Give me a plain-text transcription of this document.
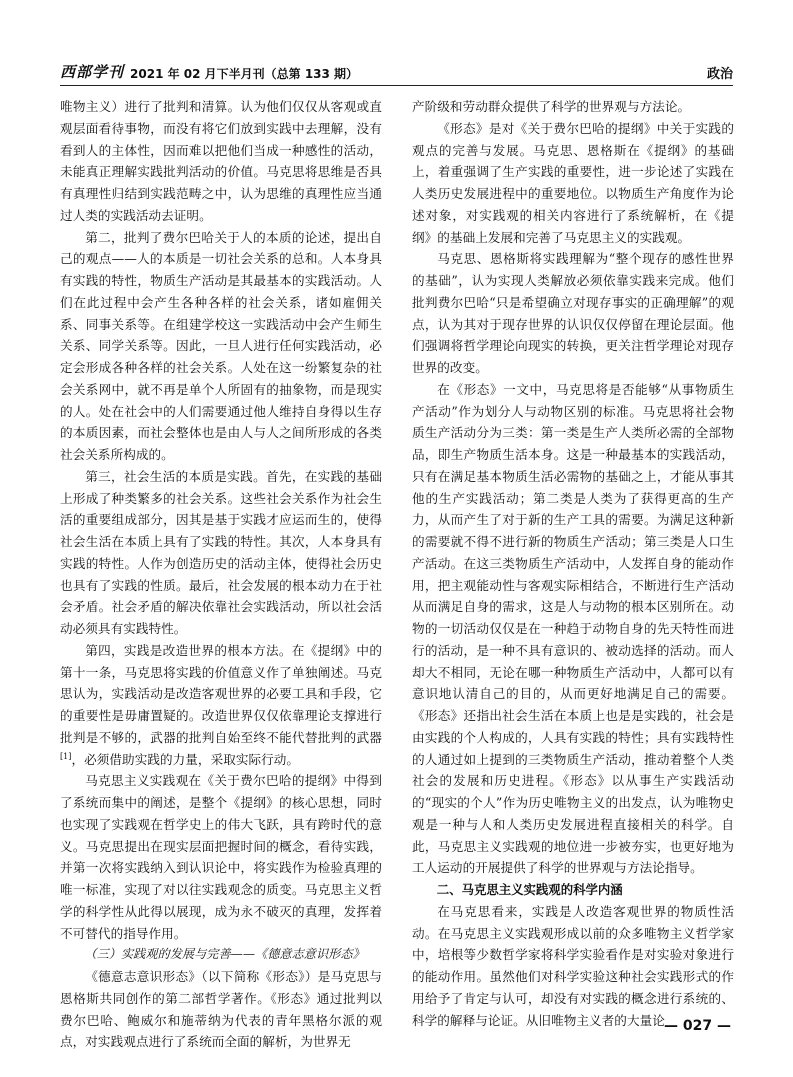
西部学刊 2021 年 02 月下半月刊（总第 133 期）	政治

唯物主义）进行了批判和清算。认为他们仅仅从客观或直观层面看待事物，而没有将它们放到实践中去理解，没有看到人的主体性，因而难以把他们当成一种感性的活动，未能真正理解实践批判活动的价值。马克思将思维是否具有真理性归结到实践范畴之中，认为思维的真理性应当通过人类的实践活动去证明。

第二，批判了费尔巴哈关于人的本质的论述，提出自己的观点——人的本质是一切社会关系的总和。人本身具有实践的特性，物质生产活动是其最基本的实践活动。人们在此过程中会产生各种各样的社会关系，诸如雇佣关系、同事关系等。在组建学校这一实践活动中会产生师生关系、同学关系等。因此，一旦人进行任何实践活动，必定会形成各种各样的社会关系。人处在这一纷繁复杂的社会关系网中，就不再是单个人所固有的抽象物，而是现实的人。处在社会中的人们需要通过他人维持自身得以生存的本质因素，而社会整体也是由人与人之间所形成的各类社会关系所构成的。

第三，社会生活的本质是实践。首先，在实践的基础上形成了种类繁多的社会关系。这些社会关系作为社会生活的重要组成部分，因其是基于实践才应运而生的，使得社会生活在本质上具有了实践的特性。其次，人本身具有实践的特性。人作为创造历史的活动主体，使得社会历史也具有了实践的性质。最后，社会发展的根本动力在于社会矛盾。社会矛盾的解决依靠社会实践活动，所以社会活动必须具有实践特性。

第四，实践是改造世界的根本方法。在《提纲》中的第十一条，马克思将实践的价值意义作了单独阐述。马克思认为，实践活动是改造客观世界的必要工具和手段，它的重要性是毋庸置疑的。改造世界仅仅依靠理论支撑进行批判是不够的，武器的批判自始至终不能代替批判的武器[1]，必须借助实践的力量，采取实际行动。

马克思主义实践观在《关于费尔巴哈的提纲》中得到了系统而集中的阐述，是整个《提纲》的核心思想，同时也实现了实践观在哲学史上的伟大飞跃，具有跨时代的意义。马克思提出在现实层面把握时间的概念，看待实践，并第一次将实践纳入到认识论中，将实践作为检验真理的唯一标准，实现了对以往实践观念的质变。马克思主义哲学的科学性从此得以展现，成为永不破灭的真理，发挥着不可替代的指导作用。

（三）实践观的发展与完善——《德意志意识形态》

《德意志意识形态》（以下简称《形态》）是马克思与恩格斯共同创作的第二部哲学著作。《形态》通过批判以费尔巴哈、鲍威尔和施蒂纳为代表的青年黑格尔派的观点，对实践观点进行了系统而全面的解析，为世界无

产阶级和劳动群众提供了科学的世界观与方法论。

《形态》是对《关于费尔巴哈的提纲》中关于实践的观点的完善与发展。马克思、恩格斯在《提纲》的基础上，着重强调了生产实践的重要性，进一步论述了实践在人类历史发展进程中的重要地位。以物质生产角度作为论述对象，对实践观的相关内容进行了系统解析，在《提纲》的基础上发展和完善了马克思主义的实践观。

马克思、恩格斯将实践理解为“整个现存的感性世界的基础”，认为实现人类解放必须依靠实践来完成。他们批判费尔巴哈“只是希望确立对现存事实的正确理解”的观点，认为其对于现存世界的认识仅仅停留在理论层面。他们强调将哲学理论向现实的转换，更关注哲学理论对现存世界的改变。

在《形态》一文中，马克思将是否能够“从事物质生产活动”作为划分人与动物区别的标准。马克思将社会物质生产活动分为三类：第一类是生产人类所必需的全部物品，即生产物质生活本身。这是一种最基本的实践活动，只有在满足基本物质生活必需物的基础之上，才能从事其他的生产实践活动；第二类是人类为了获得更高的生产力，从而产生了对于新的生产工具的需要。为满足这种新的需要就不得不进行新的物质生产活动；第三类是人口生产活动。在这三类物质生产活动中，人发挥自身的能动作用，把主观能动性与客观实际相结合，不断进行生产活动从而满足自身的需求，这是人与动物的根本区别所在。动物的一切活动仅仅是在一种趋于动物自身的先天特性而进行的活动，是一种不具有意识的、被动选择的活动。而人却大不相同，无论在哪一种物质生产活动中，人都可以有意识地认清自己的目的，从而更好地满足自己的需要。《形态》还指出社会生活在本质上也是是实践的，社会是由实践的个人构成的，人具有实践的特性；具有实践特性的人通过如上提到的三类物质生产活动，推动着整个人类社会的发展和历史进程。《形态》以从事生产实践活动的“现实的个人”作为历史唯物主义的出发点，认为唯物史观是一种与人和人类历史发展进程直接相关的科学。自此，马克思主义实践观的地位进一步被夯实，也更好地为工人运动的开展提供了科学的世界观与方法论指导。

二、马克思主义实践观的科学内涵

在马克思看来，实践是人改造客观世界的物质性活动。在马克思主义实践观形成以前的众多唯物主义哲学家中，培根等少数哲学家将科学实验看作是对实验对象进行的能动作用。虽然他们对科学实验这种社会实践形式的作用给予了肯定与认可，却没有对实践的概念进行系统的、科学的解释与论证。从旧唯物主义者的大量论 — 027 —
